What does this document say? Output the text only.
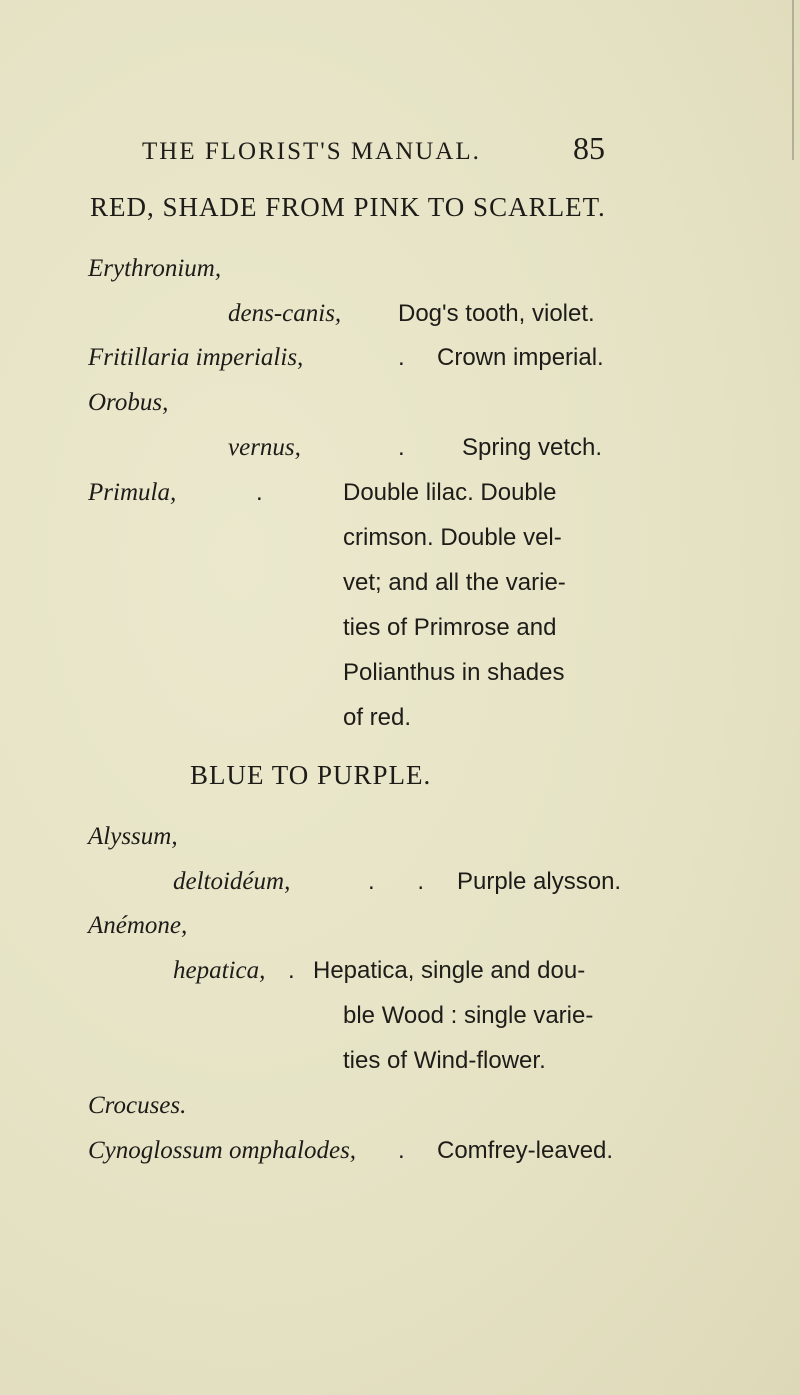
THE FLORIST'S MANUAL.	85
RED, SHADE FROM PINK TO SCARLET.
Erythronium,
dens-canis, Dog's tooth, violet.
Fritillaria imperialis,	. Crown imperial.
Orobus,
vernus,	. Spring vetch.
Primula,	.	Double lilac. Double
crimson. Double vel-
vet; and all the varie-
ties of Primrose and
Polianthus in shades
of red.
BLUE TO PURPLE.
Alyssum,
deltoidéum,	. . Purple alysson.
Anémone,
hepatica, . Hepatica, single and dou-
ble Wood : single varie-
ties of Wind-flower.
Crocuses.
Cynoglossum omphalodes, . Comfrey-leaved.
